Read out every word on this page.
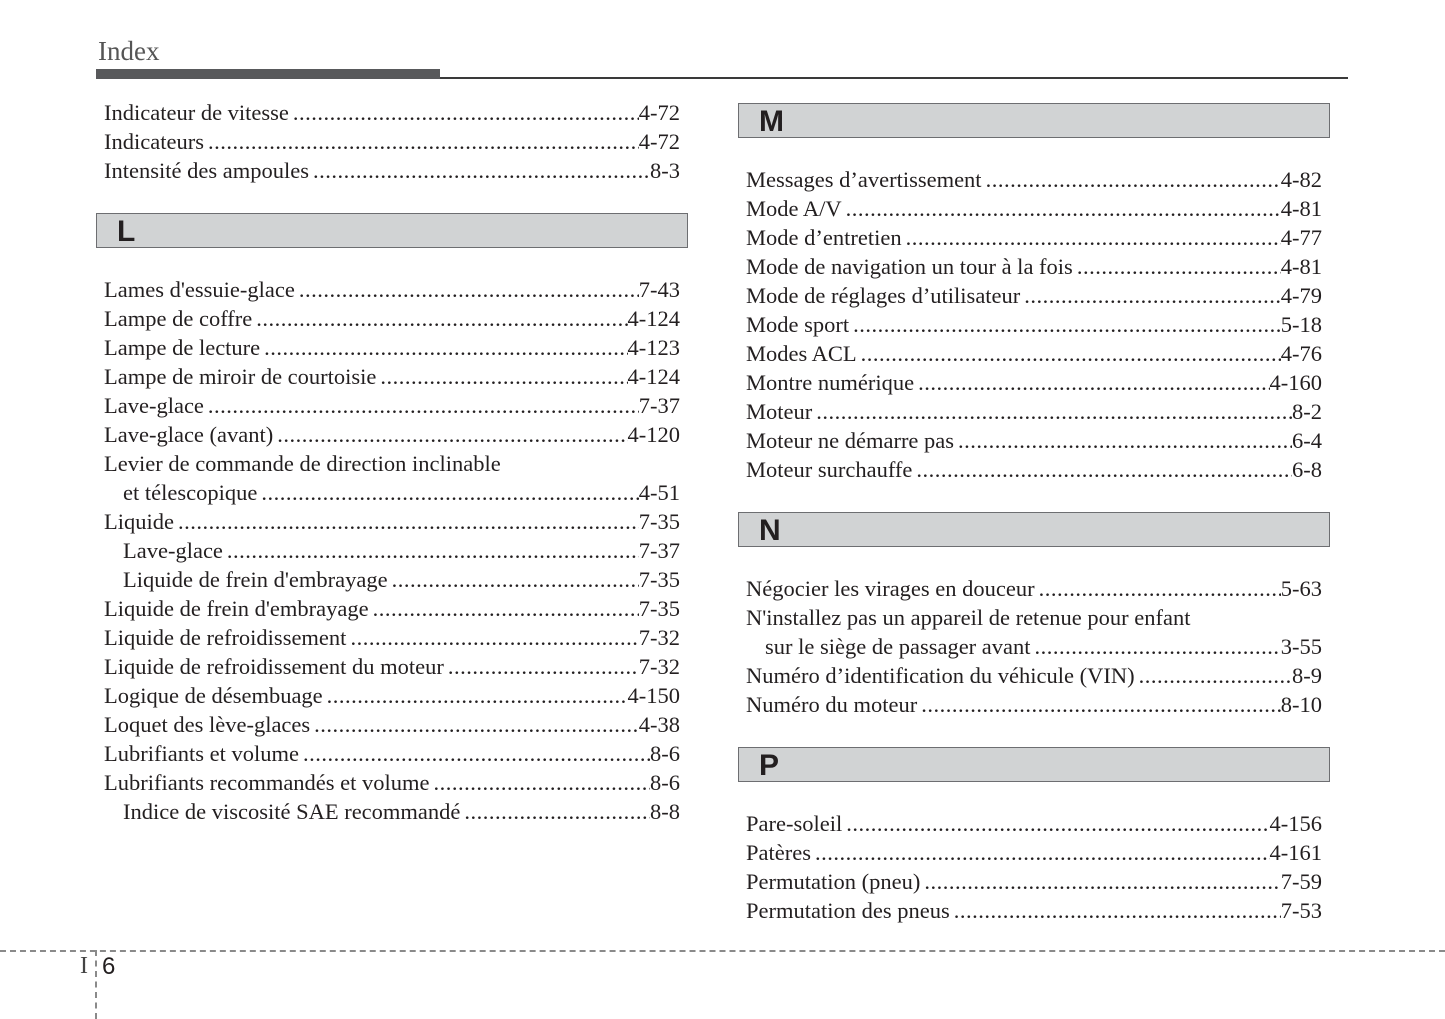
Index
Indicateur de vitesse .....	4-72
Indicateurs .....	4-72
Intensité des ampoules .....	8-3
L
Lames d'essuie-glace .....	7-43
Lampe de coffre .....	4-124
Lampe de lecture .....	4-123
Lampe de miroir de courtoisie .....	4-124
Lave-glace .....	7-37
Lave-glace (avant) .....	4-120
Levier de commande de direction inclinable
et télescopique .....	4-51
Liquide .....	7-35
Lave-glace .....	7-37
Liquide de frein d'embrayage .....	7-35
Liquide de frein d'embrayage .....	7-35
Liquide de refroidissement .....	7-32
Liquide de refroidissement du moteur .....	7-32
Logique de désembuage .....	4-150
Loquet des lève-glaces .....	4-38
Lubrifiants et volume .....	8-6
Lubrifiants recommandés et volume .....	8-6
Indice de viscosité SAE recommandé .....	8-8
M
Messages d’avertissement .....	4-82
Mode A/V .....	4-81
Mode d’entretien .....	4-77
Mode de navigation un tour à la fois .....	4-81
Mode de réglages d’utilisateur .....	4-79
Mode sport .....	5-18
Modes ACL .....	4-76
Montre numérique .....	4-160
Moteur .....	8-2
Moteur ne démarre pas .....	6-4
Moteur surchauffe .....	6-8
N
Négocier les virages en douceur .....	5-63
N'installez pas un appareil de retenue pour enfant
sur le siège de passager avant .....	3-55
Numéro d’identification du véhicule (VIN) .....	8-9
Numéro du moteur .....	8-10
P
Pare-soleil .....	4-156
Patères .....	4-161
Permutation (pneu) .....	7-59
Permutation des pneus .....	7-53
I 6
